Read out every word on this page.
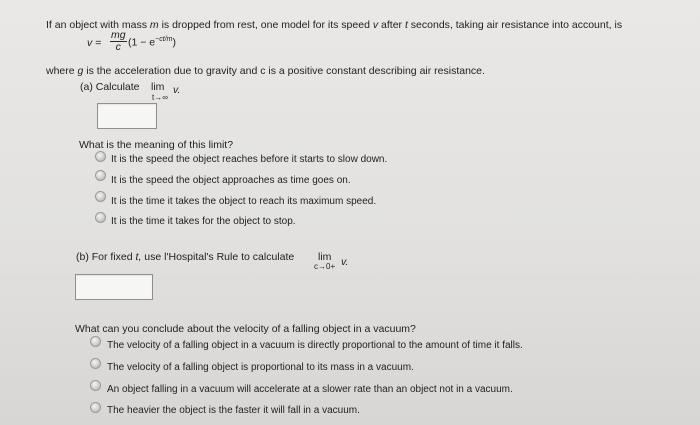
If an object with mass m is dropped from rest, one model for its speed v after t seconds, taking air resistance into account, is
$v = \frac{mg}{c} (1 - e^{-ct/m})$
where g is the acceleration due to gravity and c is a positive constant describing air resistance.
(a) Calculate lim
t→∞
v.
What is the meaning of this limit?
It is the speed the object reaches before it starts to slow down.
It is the speed the object approaches as time goes on.
It is the time it takes the object to reach its maximum speed.
It is the time it takes for the object to stop.
(b) For fixed t, use l'Hospital's Rule to calculate lim
c→0+ v.
What can you conclude about the velocity of a falling object in a vacuum?
The velocity of a falling object in a vacuum is directly proportional to the amount of time it falls.
The velocity of a falling object is proportional to its mass in a vacuum.
An object falling in a vacuum will accelerate at a slower rate than an object not in a vacuum.
The heavier the object is the faster it will fall in a vacuum.
